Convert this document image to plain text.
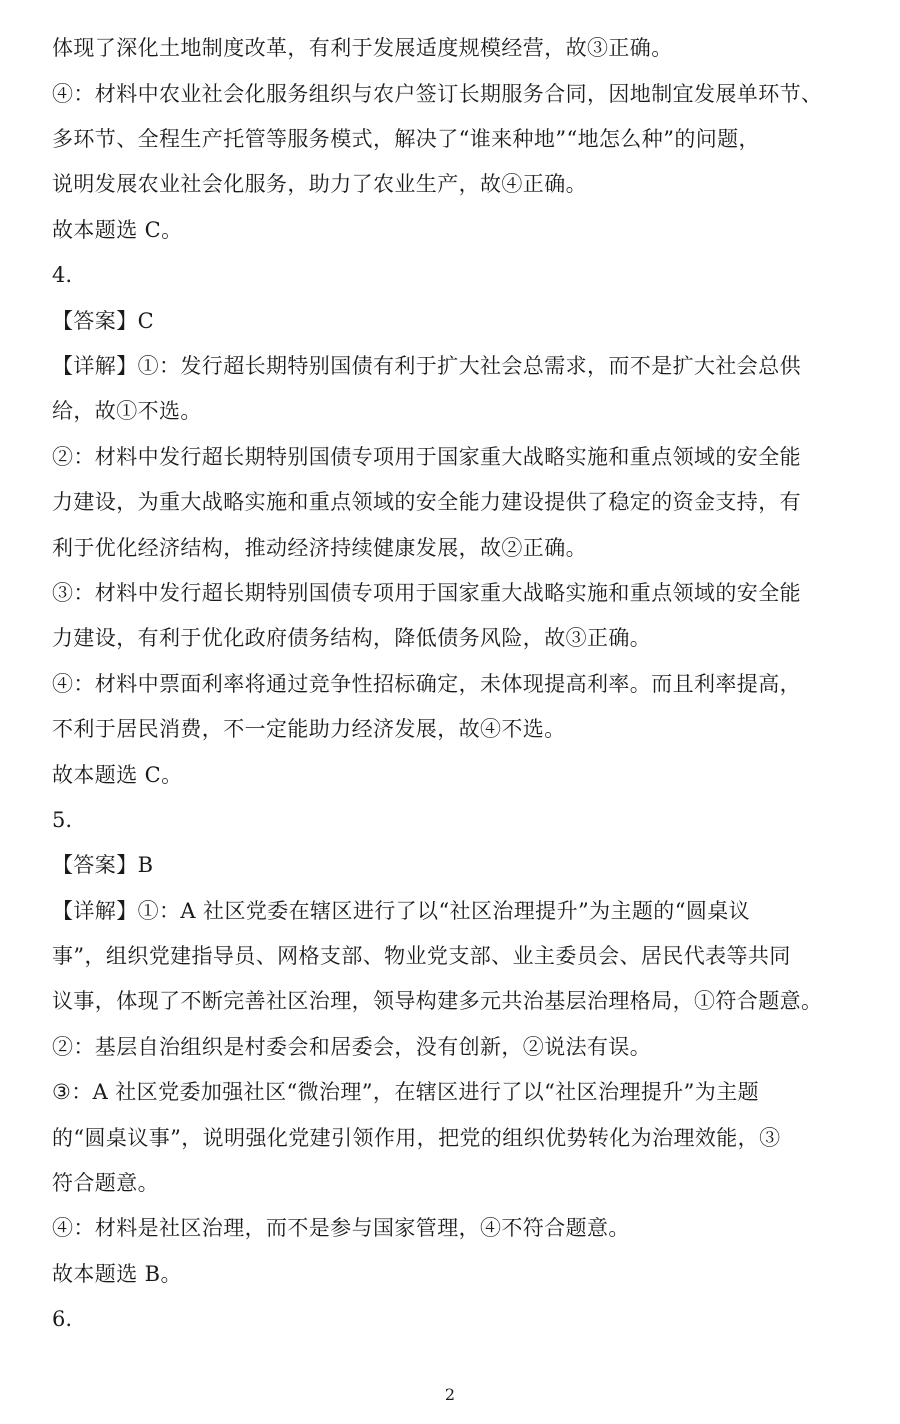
体现了深化土地制度改革，有利于发展适度规模经营，故③正确。
④：材料中农业社会化服务组织与农户签订长期服务合同，因地制宜发展单环节、
多环节、全程生产托管等服务模式，解决了“谁来种地”“地怎么种”的问题，
说明发展农业社会化服务，助力了农业生产，故④正确。
故本题选 C。
4.
【答案】C
【详解】①：发行超长期特别国债有利于扩大社会总需求，而不是扩大社会总供
给，故①不选。
②：材料中发行超长期特别国债专项用于国家重大战略实施和重点领域的安全能
力建设，为重大战略实施和重点领域的安全能力建设提供了稳定的资金支持，有
利于优化经济结构，推动经济持续健康发展，故②正确。
③：材料中发行超长期特别国债专项用于国家重大战略实施和重点领域的安全能
力建设，有利于优化政府债务结构，降低债务风险，故③正确。
④：材料中票面利率将通过竞争性招标确定，未体现提高利率。而且利率提高，
不利于居民消费，不一定能助力经济发展，故④不选。
故本题选 C。
5.
【答案】B
【详解】①：A 社区党委在辖区进行了以“社区治理提升”为主题的“圆桌议
事”，组织党建指导员、网格支部、物业党支部、业主委员会、居民代表等共同
议事，体现了不断完善社区治理，领导构建多元共治基层治理格局，①符合题意。
②：基层自治组织是村委会和居委会，没有创新，②说法有误。
③：A 社区党委加强社区“微治理”，在辖区进行了以“社区治理提升”为主题
的“圆桌议事”，说明强化党建引领作用，把党的组织优势转化为治理效能，③
符合题意。
④：材料是社区治理，而不是参与国家管理，④不符合题意。
故本题选 B。
6.
2
